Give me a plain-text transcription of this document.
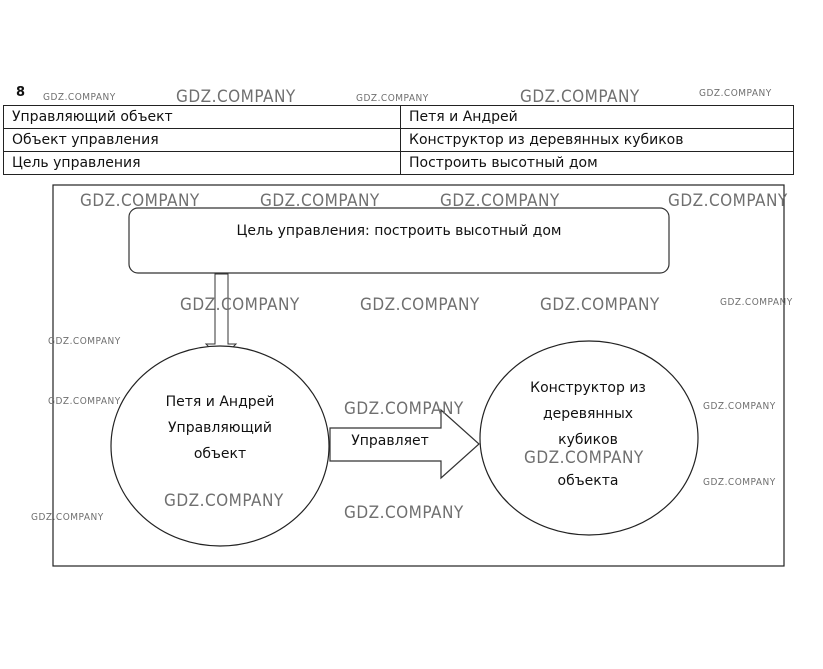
8
Управляющий объект	Петя и Андрей
Объект управления	Конструктор из деревянных кубиков
Цель управления	Построить высотный дом
Цель управления: построить высотный дом
Петя и Андрей
Управляющий
объект
Управляет
Конструктор из
деревянных
кубиков
объекта
GDZ.COMPANY	GDZ.COMPANY	GDZ.COMPANY	GDZ.COMPANY	GDZ.COMPANY
GDZ.COMPANY	GDZ.COMPANY	GDZ.COMPANY	GDZ.COMPANY
GDZ.COMPANY	GDZ.COMPANY	GDZ.COMPANY	GDZ.COMPANY
GDZ.COMPANY
GDZ.COMPANY	GDZ.COMPANY	GDZ.COMPANY
GDZ.COMPANY
GDZ.COMPANY
GDZ.COMPANY
GDZ.COMPANY
GDZ.COMPANY
